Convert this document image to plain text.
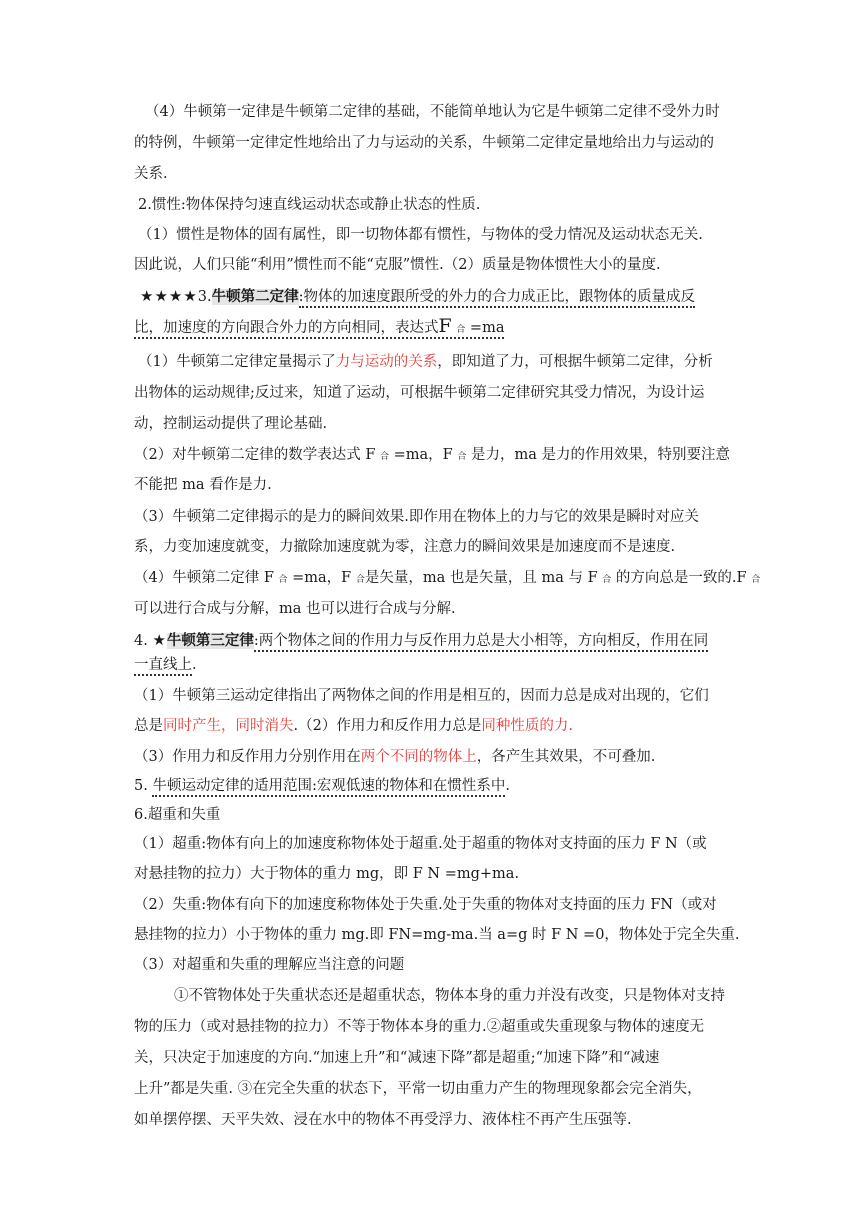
（4）牛顿第一定律是牛顿第二定律的基础，不能简单地认为它是牛顿第二定律不受外力时
的特例，牛顿第一定律定性地给出了力与运动的关系，牛顿第二定律定量地给出力与运动的
关系.
2.惯性:物体保持匀速直线运动状态或静止状态的性质.
（1）惯性是物体的固有属性，即一切物体都有惯性，与物体的受力情况及运动状态无关.
因此说，人们只能“利用”惯性而不能“克服”惯性.（2）质量是物体惯性大小的量度.
★★★★3.牛顿第二定律:物体的加速度跟所受的外力的合力成正比，跟物体的质量成反
比，加速度的方向跟合外力的方向相同，表达式F 合 =ma
（1）牛顿第二定律定量揭示了力与运动的关系，即知道了力，可根据牛顿第二定律，分析
出物体的运动规律;反过来，知道了运动，可根据牛顿第二定律研究其受力情况，为设计运
动，控制运动提供了理论基础.
（2）对牛顿第二定律的数学表达式 F 合 =ma，F 合 是力，ma 是力的作用效果，特别要注意
不能把 ma 看作是力.
（3）牛顿第二定律揭示的是力的瞬间效果.即作用在物体上的力与它的效果是瞬时对应关
系，力变加速度就变，力撤除加速度就为零，注意力的瞬间效果是加速度而不是速度.
（4）牛顿第二定律 F 合 =ma，F 合是矢量，ma 也是矢量，且 ma 与 F 合 的方向总是一致的.F 合
可以进行合成与分解，ma 也可以进行合成与分解.
4. ★牛顿第三定律:两个物体之间的作用力与反作用力总是大小相等，方向相反，作用在同
一直线上.
（1）牛顿第三运动定律指出了两物体之间的作用是相互的，因而力总是成对出现的，它们
总是同时产生，同时消失.（2）作用力和反作用力总是同种性质的力.
（3）作用力和反作用力分别作用在两个不同的物体上，各产生其效果，不可叠加.
5. 牛顿运动定律的适用范围:宏观低速的物体和在惯性系中.
6.超重和失重
（1）超重:物体有向上的加速度称物体处于超重.处于超重的物体对支持面的压力 F N（或
对悬挂物的拉力）大于物体的重力 mg，即 F N =mg+ma.
（2）失重:物体有向下的加速度称物体处于失重.处于失重的物体对支持面的压力 FN（或对
悬挂物的拉力）小于物体的重力 mg.即 FN=mg-ma.当 a=g 时 F N =0，物体处于完全失重.
（3）对超重和失重的理解应当注意的问题
①不管物体处于失重状态还是超重状态，物体本身的重力并没有改变，只是物体对支持
物的压力（或对悬挂物的拉力）不等于物体本身的重力.②超重或失重现象与物体的速度无
关，只决定于加速度的方向.“加速上升”和“减速下降”都是超重;“加速下降”和“减速
上升”都是失重. ③在完全失重的状态下，平常一切由重力产生的物理现象都会完全消失，
如单摆停摆、天平失效、浸在水中的物体不再受浮力、液体柱不再产生压强等.
